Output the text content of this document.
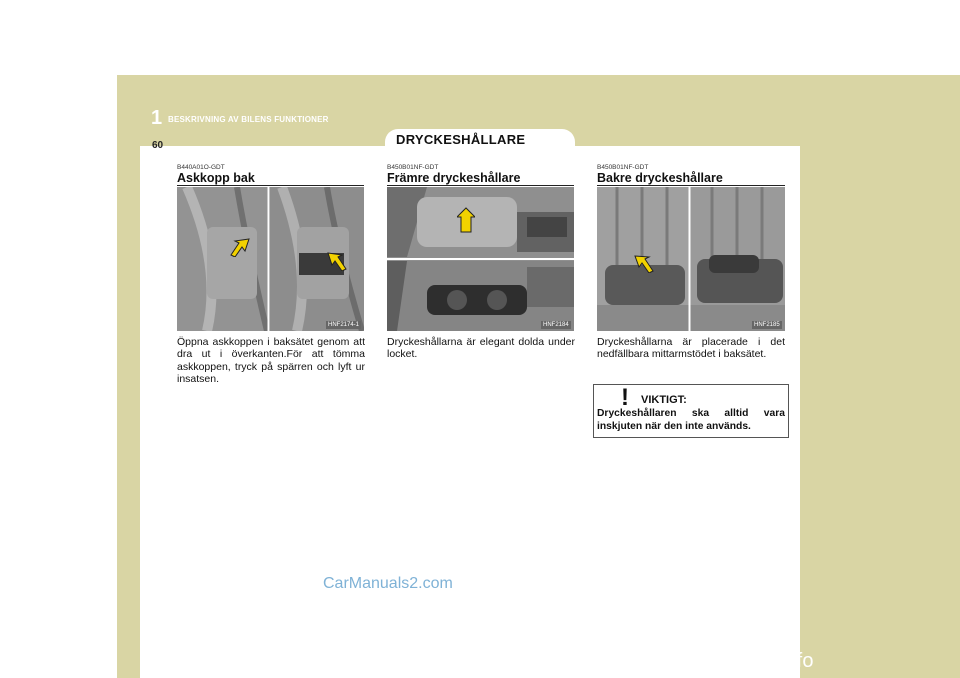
1 BESKRIVNING AV BILENS FUNKTIONER
60	DRYCKESHÅLLARE
B440A01O-GDT
Askkopp bak
HNF2174-1
Öppna askkoppen i baksätet genom att dra ut i överkanten.För att tömma askkoppen, tryck på spärren och lyft ur insatsen.
B450B01NF-GDT
Främre dryckeshållare
HNF2184
Dryckeshållarna är elegant dolda under locket.
B450B01NF-GDT
Bakre dryckeshållare
HNF2185
Dryckeshållarna är placerade i det nedfällbara mittarmstödet i baksätet.
!	VIKTIGT:
Dryckeshållaren ska alltid vara inskjuten när den inte används.
CarManuals2.com
carmanualsonline.info
